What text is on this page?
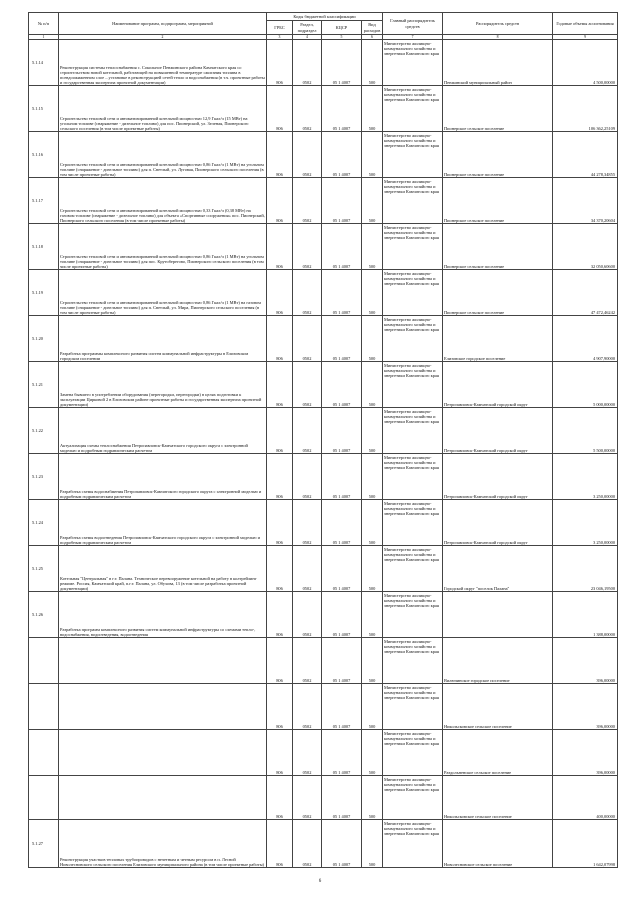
№ п/п	Наименование программ, подпрограмм, мероприятий	Коды бюджетной классификации				Главный распорядитель средств	Распорядитель средств	Годовые объемы ассигнования
		ГРБС	Раздел, подраздел	КЦСР	Вид расходов			
1	2	3	4	5	6	7	8	9
5.1.14	Реконструкция системы теплоснабжения с. Сокольное Пенжинского района Камчатского края со строительством новой котельной, работающей на повышенной температуре сжигания топлива в псевдоожиженном слое ...установке в реконструкцией сетей тепло и водоснабжения (в т.ч. проектные работы и государственная экспертиза проектной документации)	806	0502	05 1 4007	500	Министерство жилищно-коммунального хозяйства и энергетики Камчатского края	Пенжинский муниципальный район	4 500,00000
5.1.15	Строительство тепловой сети и автоматизированной котельной мощностью 12,9 Гкал/ч (15 МВт) на угольном топливе (снаряжение - дизельное топливо) для пос. Пионерский, ул. Зеленая, Пионерского сельского поселения (в том числе проектные работы)	806	0502	05 1 4007	500	Министерство жилищно-коммунального хозяйства и энергетики Камчатского края	Пионерское сельское поселение	106 362,25109
5.1.16	Строительство тепловой сети и автоматизированной котельной мощностью 0,86 Гкал/ч (1 МВт) на угольном топливе (снаряжение - дизельное топливо) для п. Светлый, ул. Луговая, Пионерского сельского поселения (в том числе проектные работы)	806	0502	05 1 4007	500	Министерство жилищно-коммунального хозяйства и энергетики Камчатского края	Пионерское сельское поселение	44 278,34855
5.1.17	Строительство тепловой сети и автоматизированной котельной мощностью 0,33 Гкал/ч (0,38 МВт) на газовом топливе (снаряжение - дизельное топливо) для объекта «Спортивные сооружения» пос. Пионерский, Пионерского сельского поселения (в том числе проектные работы)	806	0502	05 1 4007	500	Министерство жилищно-коммунального хозяйства и энергетики Камчатского края	Пионерское сельское поселение	34 370,20604
5.1.18	Строительство тепловой сети и автоматизированной котельной мощностью 0,86 Гкал/ч (1 МВт) на угольном топливе (снаряжение - дизельное топливо) для пос. Крутоберегово, Пионерского сельского поселения (в том числе проектные работы)	806	0502	05 1 4007	500	Министерство жилищно-коммунального хозяйства и энергетики Камчатского края	Пионерское сельское поселение	32 050,60600
5.1.19	Строительство тепловой сети и автоматизированной котельной мощностью 0,86 Гкал/ч (1 МВт) на газовом топливе (снаряжение - дизельное топливо) для п. Светлый, ул. Мира, Пионерского сельского поселения (в том числе проектные работы)	806	0502	05 1 4007	500	Министерство жилищно-коммунального хозяйства и энергетики Камчатского края	Пионерское сельское поселение	47 472,46242
5.1.20	Разработка программы комплексного развития систем коммунальной инфраструктуры в Елизовском городском поселении	806	0502	05 1 4007	500	Министерство жилищно-коммунального хозяйства и энергетики Камчатского края	Елизовское городское поселение	4 907,90000
5.1.21	Замена бывшего в употреблении оборудования (перегородки, перегородки) в целях подготовки к эксплуатации Цирковой 2 в Елизовском районе проектные работы и государственная экспертиза проектной документации)	806	0502	05 1 4007	500	Министерство жилищно-коммунального хозяйства и энергетики Камчатского края	Петропавловск-Камчатский городской округ	5 000,00000
5.1.22	Актуализация схемы теплоснабжения Петропавловск-Камчатского городского округа с электронной моделью и подробным гидравлическим расчетом	806	0502	05 1 4007	500	Министерство жилищно-коммунального хозяйства и энергетики Камчатского края	Петропавловск-Камчатский городской округ	5 500,00000
5.1.23	Разработка схемы водоснабжения Петропавловск-Камчатского городского округа с электронной моделью и подробным гидравлическим расчетом	806	0502	05 1 4007	500	Министерство жилищно-коммунального хозяйства и энергетики Камчатского края	Петропавловск-Камчатский городской округ	3 250,00000
5.1.24	Разработка схемы водоотведения Петропавловск-Камчатского городского округа с электронной моделью и подробным гидравлическим расчетом	806	0502	05 1 4007	500	Министерство жилищно-коммунального хозяйства и энергетики Камчатского края	Петропавловск-Камчатский городской округ	3 250,00000
5.1.25	Котельная "Центральная" в г.т. Палана. Техническое перевооружение котельной на работу в колтрейлинг режиме. Россия, Камчатский край, п.г.т. Палана, ул. Обухова, 13 (в том числе разработка проектной документации)	806	0502	05 1 4007	500	Министерство жилищно-коммунального хозяйства и энергетики Камчатского края	Городской округ "поселок Палана"	23 046,19500
5.1.26	Разработка программ комплексного развития систем коммунальной инфраструктуры со схемами тепло-, водоснабжения, водоотведения, водоотведения	806	0502	05 1 4007	500	Министерство жилищно-коммунального хозяйства и энергетики Камчатского края		1 388,00000
		806	0502	05 1 4007	500	Министерство жилищно-коммунального хозяйства и энергетики Камчатского края	Вилючинское городское поселение	396,00000
		806	0502	05 1 4007	500	Министерство жилищно-коммунального хозяйства и энергетики Камчатского края	Никольсковское сельское поселение	396,00000
		806	0502	05 1 4007	500	Министерство жилищно-коммунального хозяйства и энергетики Камчатского края	Раздольненское сельское поселение	396,00000
		806	0502	05 1 4007	500	Министерство жилищно-коммунального хозяйства и энергетики Камчатского края	Никольсковское сельское поселение	400,00000
5.1.27	Реконструкция участков тепловых трубопроводов с нечетным и четным ресурсом в п. Лесной Новолесновского сельского поселения Елизовского муниципального района (в том числе проектные работы)	806	0502	05 1 4007	500	Министерство жилищно-коммунального хозяйства и энергетики Камчатского края	Новолесновское сельское поселение	1 642,07998
6
